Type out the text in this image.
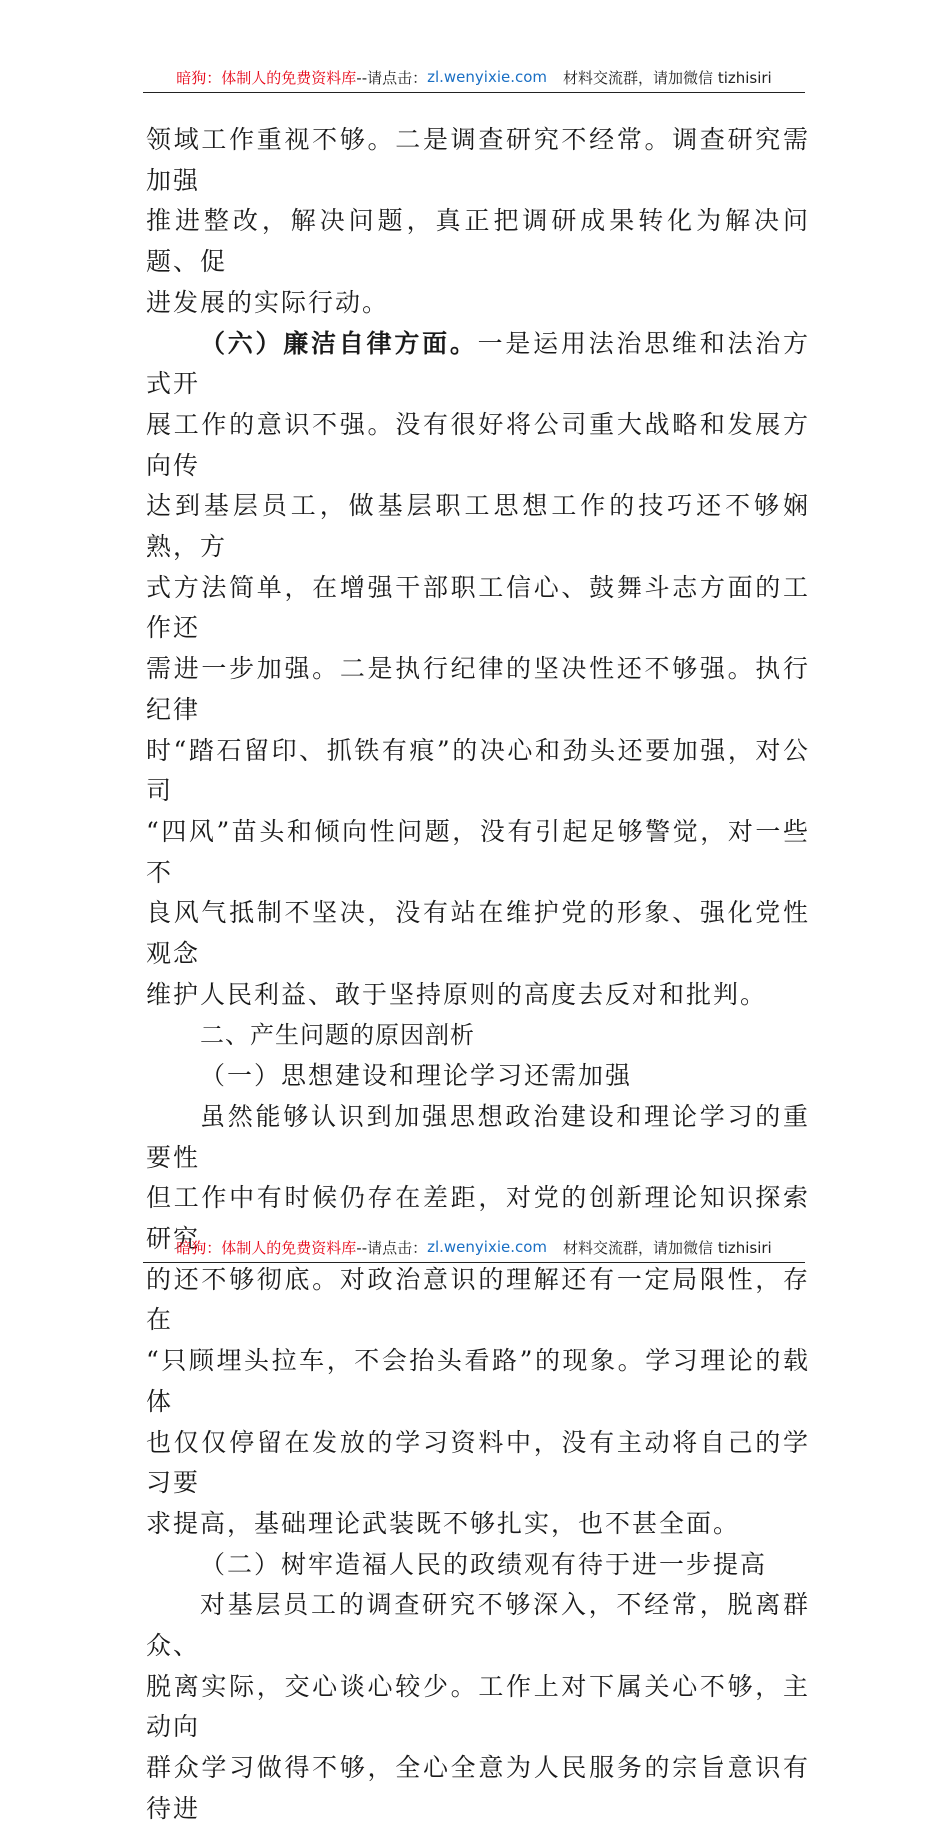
暗狗：体制人的免费资料库 --请点击： zl.wenyixie.com 材料交流群，请加微信 tizhisiri

领域工作重视不够。二是调查研究不经常。调查研究需加强
推进整改，解决问题，真正把调研成果转化为解决问题、促
进发展的实际行动。

（六）廉洁自律方面。一是运用法治思维和法治方式开
展工作的意识不强。没有很好将公司重大战略和发展方向传
达到基层员工，做基层职工思想工作的技巧还不够娴熟，方
式方法简单，在增强干部职工信心、鼓舞斗志方面的工作还
需进一步加强。二是执行纪律的坚决性还不够强。执行纪律
时“踏石留印、抓铁有痕”的决心和劲头还要加强，对公司
“四风”苗头和倾向性问题，没有引起足够警觉，对一些不
良风气抵制不坚决，没有站在维护党的形象、强化党性观念
维护人民利益、敢于坚持原则的高度去反对和批判。

二、产生问题的原因剖析

（一）思想建设和理论学习还需加强

虽然能够认识到加强思想政治建设和理论学习的重要性
但工作中有时候仍存在差距，对党的创新理论知识探索研究
的还不够彻底。对政治意识的理解还有一定局限性，存在
“只顾埋头拉车，不会抬头看路”的现象。学习理论的载体
也仅仅停留在发放的学习资料中，没有主动将自己的学习要
求提高，基础理论武装既不够扎实，也不甚全面。

（二）树牢造福人民的政绩观有待于进一步提高

对基层员工的调查研究不够深入，不经常，脱离群众、
脱离实际，交心谈心较少。工作上对下属关心不够，主动向
群众学习做得不够，全心全意为人民服务的宗旨意识有待进

暗狗：体制人的免费资料库 --请点击： zl.wenyixie.com 材料交流群，请加微信 tizhisiri
